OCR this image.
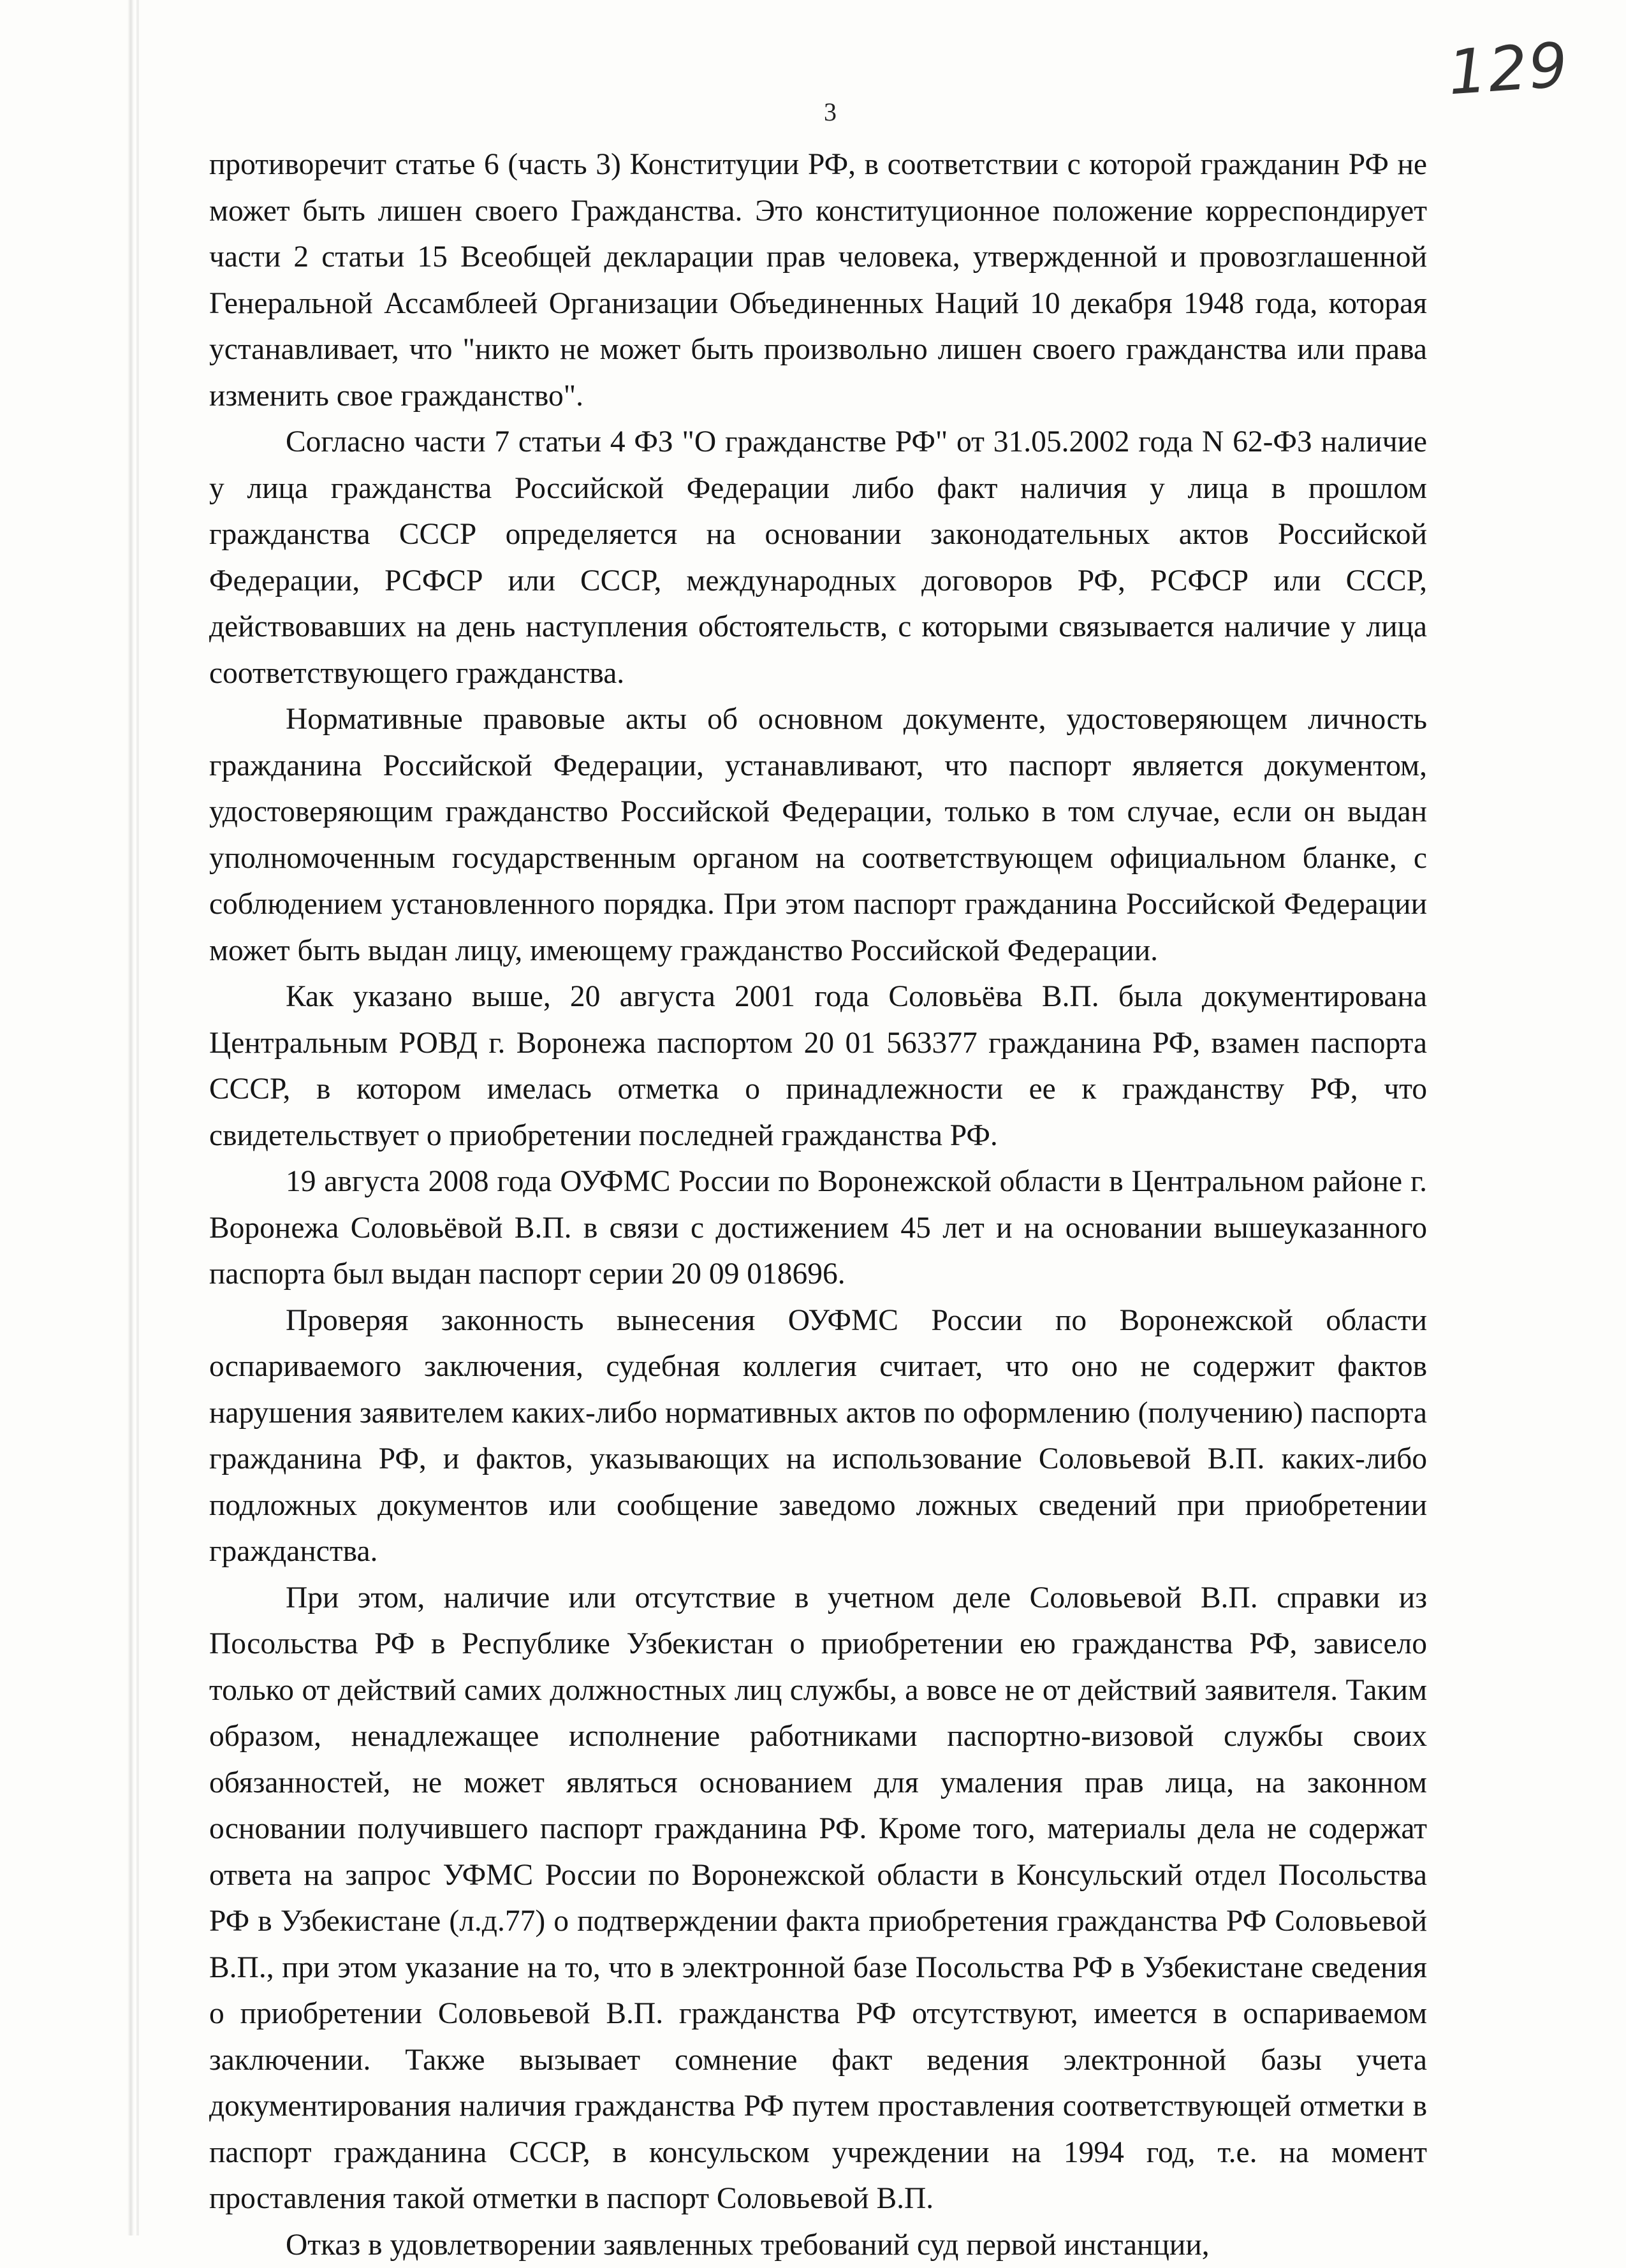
129
3

противоречит статье 6 (часть 3) Конституции РФ, в соответствии с которой гражданин РФ не может быть лишен своего Гражданства. Это конституционное положение корреспондирует части 2 статьи 15 Всеобщей декларации прав человека, утвержденной и провозглашенной Генеральной Ассамблеей Организации Объединенных Наций 10 декабря 1948 года, которая устанавливает, что "никто не может быть произвольно лишен своего гражданства или права изменить свое гражданство".

Согласно части 7 статьи 4 ФЗ "О гражданстве РФ" от 31.05.2002 года N 62-ФЗ наличие у лица гражданства Российской Федерации либо факт наличия у лица в прошлом гражданства СССР определяется на основании законодательных актов Российской Федерации, РСФСР или СССР, международных договоров РФ, РСФСР или СССР, действовавших на день наступления обстоятельств, с которыми связывается наличие у лица соответствующего гражданства.

Нормативные правовые акты об основном документе, удостоверяющем личность гражданина Российской Федерации, устанавливают, что паспорт является документом, удостоверяющим гражданство Российской Федерации, только в том случае, если он выдан уполномоченным государственным органом на соответствующем официальном бланке, с соблюдением установленного порядка. При этом паспорт гражданина Российской Федерации может быть выдан лицу, имеющему гражданство Российской Федерации.

Как указано выше, 20 августа 2001 года Соловьёва В.П. была документирована Центральным РОВД г. Воронежа паспортом 20 01 563377 гражданина РФ, взамен паспорта СССР, в котором имелась отметка о принадлежности ее к гражданству РФ, что свидетельствует о приобретении последней гражданства РФ.

19 августа 2008 года ОУФМС России по Воронежской области в Центральном районе г. Воронежа Соловьёвой В.П. в связи с достижением 45 лет и на основании вышеуказанного паспорта был выдан паспорт серии 20 09 018696.

Проверяя законность вынесения ОУФМС России по Воронежской области оспариваемого заключения, судебная коллегия считает, что оно не содержит фактов нарушения заявителем каких-либо нормативных актов по оформлению (получению) паспорта гражданина РФ, и фактов, указывающих на использование Соловьевой В.П. каких-либо подложных документов или сообщение заведомо ложных сведений при приобретении гражданства.

При этом, наличие или отсутствие в учетном деле Соловьевой В.П. справки из Посольства РФ в Республике Узбекистан о приобретении ею гражданства РФ, зависело только от действий самих должностных лиц службы, а вовсе не от действий заявителя. Таким образом, ненадлежащее исполнение работниками паспортно-визовой службы своих обязанностей, не может являться основанием для умаления прав лица, на законном основании получившего паспорт гражданина РФ. Кроме того, материалы дела не содержат ответа на запрос УФМС России по Воронежской области в Консульский отдел Посольства РФ в Узбекистане (л.д.77) о подтверждении факта приобретения гражданства РФ Соловьевой В.П., при этом указание на то, что в электронной базе Посольства РФ в Узбекистане сведения о приобретении Соловьевой В.П. гражданства РФ отсутствуют, имеется в оспариваемом заключении. Также вызывает сомнение факт ведения электронной базы учета документирования наличия гражданства РФ путем проставления соответствующей отметки в паспорт гражданина СССР, в консульском учреждении на 1994 год, т.е. на момент проставления такой отметки в паспорт Соловьевой В.П.

Отказ в удовлетворении заявленных требований суд первой инстанции,
